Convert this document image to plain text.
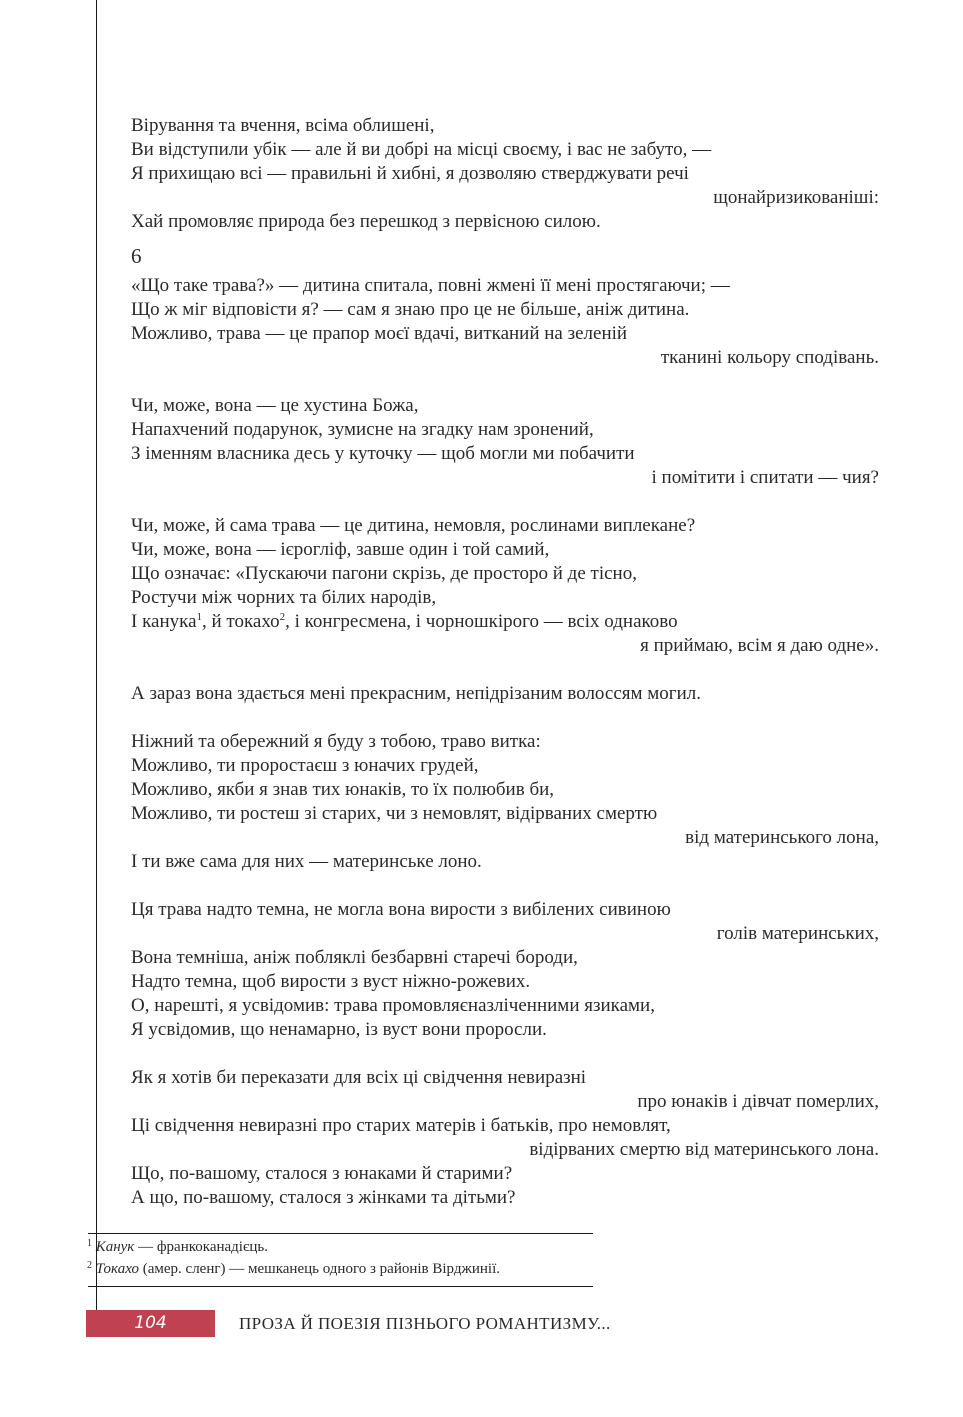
Вірування та вчення, всіма облишені,
Ви відступили убік — але й ви добрі на місці своєму, і вас не забуто, —
Я прихищаю всі — правильні й хибні, я дозволяю стверджувати речі
щонайризикованіші:
Хай промовляє природа без перешкод з первісною силою.
6
«Що таке трава?» — дитина спитала, повні жмені її мені простягаючи; —
Що ж міг відповісти я? — сам я знаю про це не більше, аніж дитина.
Можливо, трава — це прапор моєї вдачі, витканий на зеленій
тканині кольору сподівань.
Чи, може, вона — це хустина Божа,
Напахчений подарунок, зумисне на згадку нам зронений,
З іменням власника десь у куточку — щоб могли ми побачити
і помітити і спитати — чия?
Чи, може, й сама трава — це дитина, немовля, рослинами виплекане?
Чи, може, вона — ієрогліф, завше один і той самий,
Що означає: «Пускаючи пагони скрізь, де просторо й де тісно,
Ростучи між чорних та білих народів,
І канука$^1$, й токахо$^2$, і конгресмена, і чорношкірого — всіх однаково
я приймаю, всім я даю одне».
А зараз вона здається мені прекрасним, непідрізаним волоссям могил.
Ніжний та обережний я буду з тобою, траво витка:
Можливо, ти проростаєш з юначих грудей,
Можливо, якби я знав тих юнаків, то їх полюбив би,
Можливо, ти ростеш зі старих, чи з немовлят, відірваних смертю
від материнського лона,
І ти вже сама для них — материнське лоно.
Ця трава надто темна, не могла вона вирости з вибілених сивиною
голів материнських,
Вона темніша, аніж побляклі безбарвні старечі бороди,
Надто темна, щоб вирости з вуст ніжно-рожевих.
О, нарешті, я усвідомив: трава промовляєназліченними язиками,
Я усвідомив, що ненамарно, із вуст вони проросли.
Як я хотів би переказати для всіх ці свідчення невиразні
про юнаків і дівчат померлих,
Ці свідчення невиразні про старих матерів і батьків, про немовлят,
відірваних смертю від материнського лона.
Що, по-вашому, сталося з юнаками й старими?
А що, по-вашому, сталося з жінками та дітьми?
$^1$ Канук — франкоканадієць.
$^2$ Токахо (амер. сленг) — мешканець одного з районів Вірджинії.
104	ПРОЗА Й ПОЕЗІЯ ПІЗНЬОГО РОМАНТИЗМУ...
